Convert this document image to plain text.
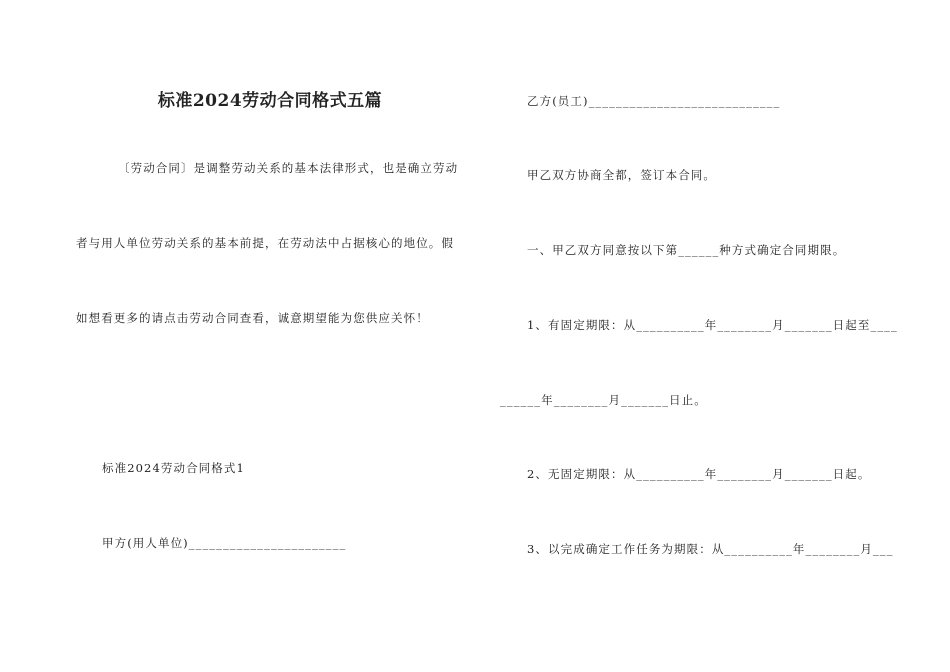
标准2024劳动合同格式五篇
〔劳动合同〕是调整劳动关系的基本法律形式，也是确立劳动
者与用人单位劳动关系的基本前提，在劳动法中占据核心的地位。假
如想看更多的请点击劳动合同查看，诚意期望能为您供应关怀！
标准2024劳动合同格式1
甲方(用人单位)_______________________
乙方(员工)____________________________
甲乙双方协商全都，签订本合同。
一、甲乙双方同意按以下第______种方式确定合同期限。
1、有固定期限：从__________年________月_______日起至____
______年________月_______日止。
2、无固定期限：从__________年________月_______日起。
3、以完成确定工作任务为期限：从__________年________月___
